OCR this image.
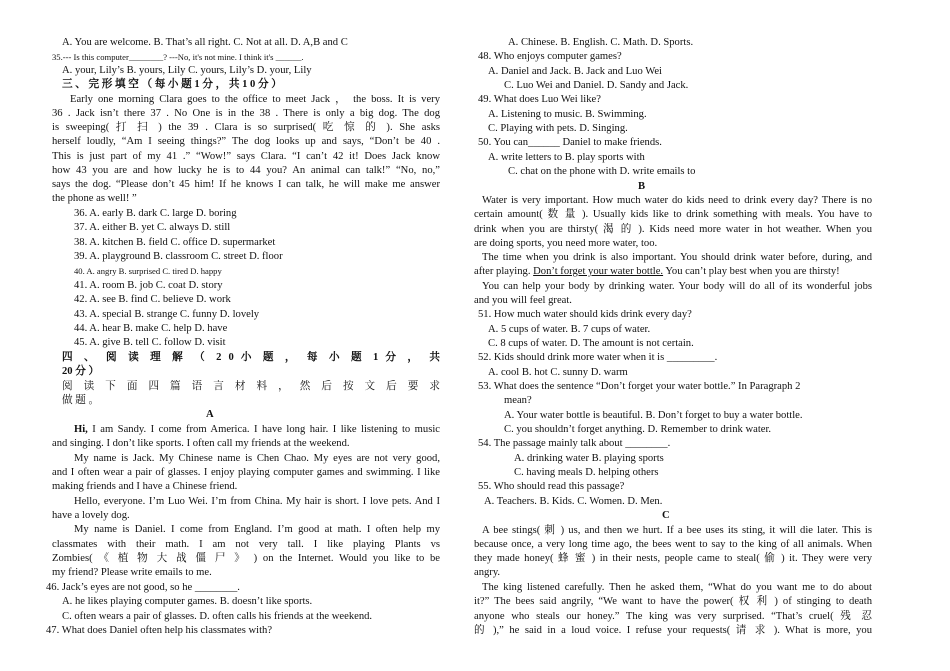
A. You are welcome. B. That’s all right. C. Not at all. D. A,B and C
35.--- Is this computer________? ---No, it's not mine. I think it's ______.
A. your, Lily’s B. yours, Lily C. yours, Lily’s D. your, Lily
三 、 完 形 填 空 （ 每 小 题 1 分 ， 共 1 0 分 ）
Early one morning Clara goes to the office to meet Jack ， the boss. It is very
36 . Jack isn’t there 37 . No One is in the 38 . There is only a big dog. The dog
is sweeping( 打 扫 ) the 39 . Clara is so surprised( 吃 惊 的 ). She asks
herself loudly, “Am I seeing things?” The dog looks up and says, “Don’t be 40 .
This is just part of my 41 .” “Wow!” says Clara. “I can’t 42 it! Does Jack know
how 43 you are and how lucky he is to 44 you? An animal can talk!” “No, no,”
says the dog. “Please don’t 45 him! If he knows I can talk, he will make me answer
the phone as well! ”
36. A. early B. dark C. large D. boring
37. A. either B. yet C. always D. still
38. A. kitchen B. field C. office D. supermarket
39. A. playground B. classroom C. street D. floor
40. A. angry B. surprised C. tired D. happy
41. A. room B. job C. coat D. story
42. A. see B. find C. believe D. work
43. A. special B. strange C. funny D. lovely
44. A. hear B. make C. help D. have
45. A. give B. tell C. follow D. visit
四 、 阅 读 理 解 （ 2 0 小 题 ， 每 小 题 1 分 ， 共
20 分 ）
阅 读 下 面 四 篇 语 言 材 料 ， 然 后 按 文 后 要 求
做 题 。
A
Hi, I am Sandy. I come from America. I have long hair. I like listening to music
and singing. I don’t like sports. I often call my friends at the weekend.
My name is Jack. My Chinese name is Chen Chao. My eyes are not very good,
and I often wear a pair of glasses. I enjoy playing computer games and swimming. I like
making friends and I have a Chinese friend.
Hello, everyone. I’m Luo Wei. I’m from China. My hair is short. I love pets. And I
have a lovely dog.
My name is Daniel. I come from England. I’m good at math. I often help my
classmates with their math. I am not very tall. I like playing Plants vs
Zombies( 《 植 物 大 战 僵 尸 》 ) on the Internet. Would you like to be
my friend? Please write emails to me.
46. Jack’s eyes are not good, so he ________.
A. he likes playing computer games. B. doesn’t like sports.
C. often wears a pair of glasses. D. often calls his friends at the weekend.
47. What does Daniel often help his classmates with?
A. Chinese. B. English. C. Math. D. Sports.
48. Who enjoys computer games?
A. Daniel and Jack. B. Jack and Luo Wei
C. Luo Wei and Daniel. D. Sandy and Jack.
49. What does Luo Wei like?
A. Listening to music. B. Swimming.
C. Playing with pets. D. Singing.
50. You can______ Daniel to make friends.
A. write letters to B. play sports with
C. chat on the phone with D. write emails to
B
Water is very important. How much water do kids need to drink every day? There is no
certain amount( 数 量 ). Usually kids like to drink something with meals. You have to
drink when you are thirsty( 渴 的 ). Kids need more water in hot weather. When you
are doing sports, you need more water, too.
The time when you drink is also important. You should drink water before, during, and
after playing. Don’t forget your water bottle. You can’t play best when you are thirsty!
You can help your body by drinking water. Your body will do all of its wonderful jobs
and you will feel great.
51. How much water should kids drink every day?
A. 5 cups of water. B. 7 cups of water.
C. 8 cups of water. D. The amount is not certain.
52. Kids should drink more water when it is _________.
A. cool B. hot C. sunny D. warm
53. What does the sentence “Don’t forget your water bottle.” In Paragraph 2
mean?
A. Your water bottle is beautiful. B. Don’t forget to buy a water bottle.
C. you shouldn’t forget anything. D. Remember to drink water.
54. The passage mainly talk about ________.
A. drinking water B. playing sports
C. having meals D. helping others
55. Who should read this passage?
A. Teachers. B. Kids. C. Women. D. Men.
C
A bee stings( 刺 ) us, and then we hurt. If a bee uses its sting, it will die later. This is
because once, a very long time ago, the bees went to say to the king of all animals. When
they made honey( 蜂 蜜 ) in their nests, people came to steal( 偷 ) it. They were very
angry.
The king listened carefully. Then he asked them, “What do you want me to do about
it?” The bees said angrily, “We want to have the power( 权 利 ) of stinging to death
anyone who steals our honey.” The king was very surprised. “That’s cruel( 残 忍
的 ),” he said in a loud voice. I refuse your requests( 请 求 ). What is more, you
